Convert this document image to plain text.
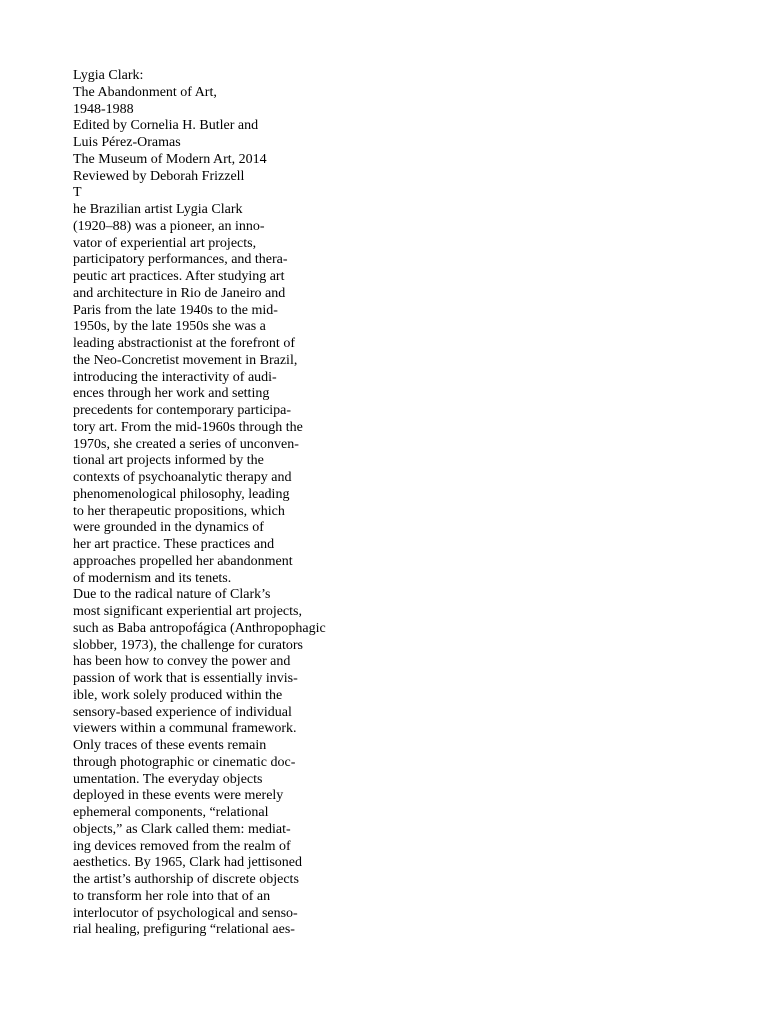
Lygia Clark:
The Abandonment of Art,
1948-1988
Edited by Cornelia H. Butler and
Luis Pérez-Oramas
The Museum of Modern Art, 2014
Reviewed by Deborah Frizzell
T
he Brazilian artist Lygia Clark
(1920–88) was a pioneer, an inno-
vator of experiential art projects,
participatory performances, and thera-
peutic art practices. After studying art
and architecture in Rio de Janeiro and
Paris from the late 1940s to the mid-
1950s, by the late 1950s she was a
leading abstractionist at the forefront of
the Neo-Concretist movement in Brazil,
introducing the interactivity of audi-
ences through her work and setting
precedents for contemporary participa-
tory art. From the mid-1960s through the
1970s, she created a series of unconven-
tional art projects informed by the
contexts of psychoanalytic therapy and
phenomenological philosophy, leading
to her therapeutic propositions, which
were grounded in the dynamics of
her art practice. These practices and
approaches propelled her abandonment
of modernism and its tenets.
Due to the radical nature of Clark’s
most significant experiential art projects,
such as Baba antropofágica (Anthropophagic
slobber, 1973), the challenge for curators
has been how to convey the power and
passion of work that is essentially invis-
ible, work solely produced within the
sensory-based experience of individual
viewers within a communal framework.
Only traces of these events remain
through photographic or cinematic doc-
umentation. The everyday objects
deployed in these events were merely
ephemeral components, “relational
objects,” as Clark called them: mediat-
ing devices removed from the realm of
aesthetics. By 1965, Clark had jettisoned
the artist’s authorship of discrete objects
to transform her role into that of an
interlocutor of psychological and senso-
rial healing, prefiguring “relational aes-
